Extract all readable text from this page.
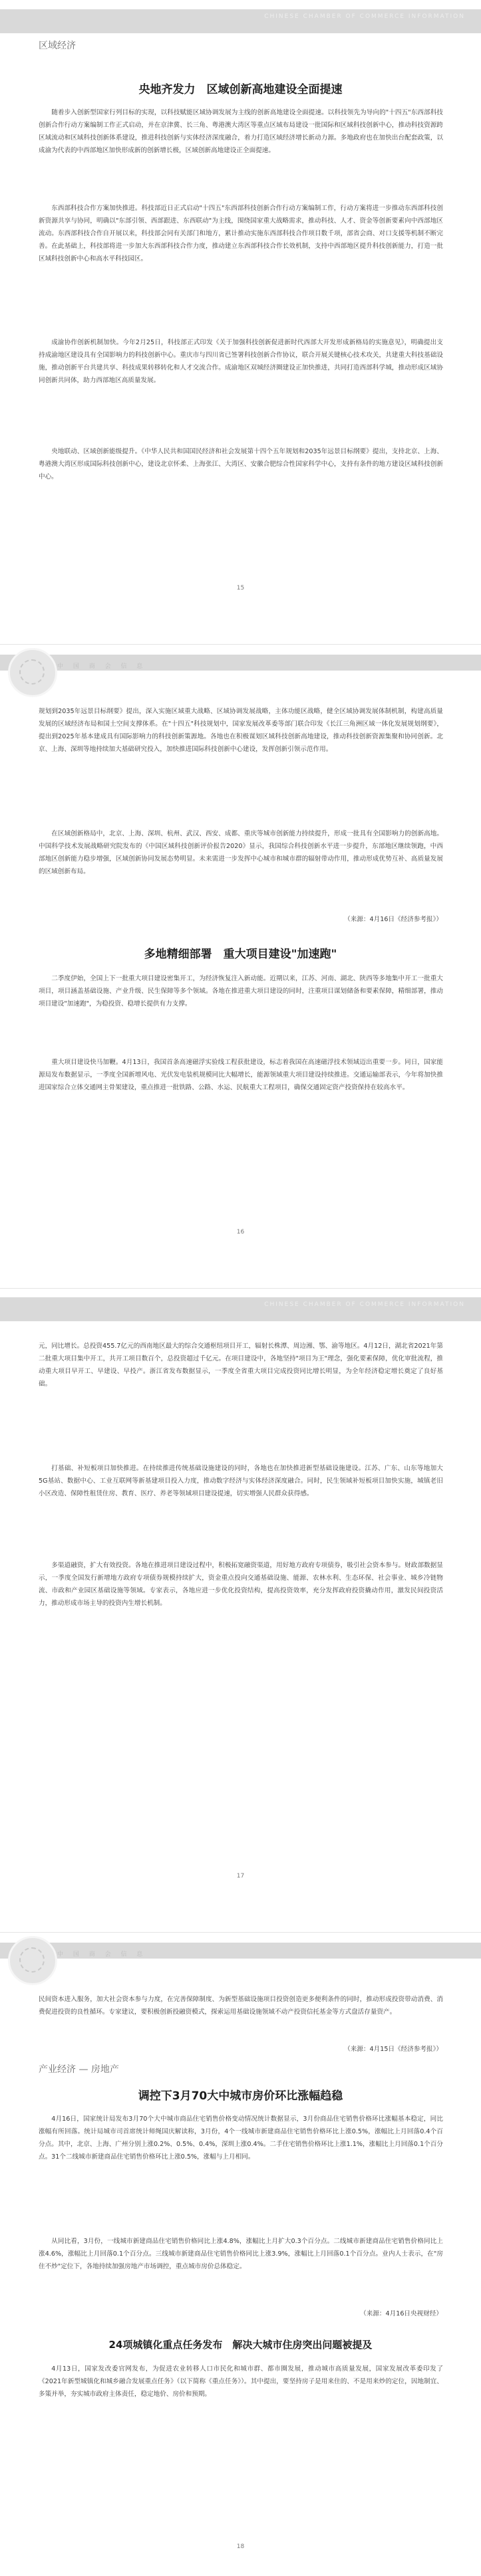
CHINESE CHAMBER OF COMMERCE INFORMATION
区域经济
央地齐发力　区域创新高地建设全面提速

随着步入创新型国家行列目标的实现，以科技赋能区域协调发展为主线的创新高地建设全面提速。以科技领先为导向的"十四五"东西部科技创新合作行动方案编制工作正式启动，并在京津冀、长三角、粤港澳大湾区等重点区域布局建设一批国际和区域科技创新中心，推动科技资源跨区域流动和区域科技创新体系建设，推进科技创新与实体经济深度融合，着力打造区域经济增长新动力源。多地政府也在加快出台配套政策，以成渝为代表的中西部地区加快形成新的创新增长极，区域创新高地建设正全面提速。

东西部科技合作方案加快推进。科技部近日正式启动"十四五"东西部科技创新合作行动方案编制工作，行动方案将进一步推动东西部科技创新资源共享与协同，明确以"东部引领、西部跟进、东西联动"为主线，围绕国家重大战略需求，推动科技、人才、资金等创新要素向中西部地区流动。东西部科技合作自开展以来，科技部会同有关部门和地方，累计推动实施东西部科技合作项目数千项，部省会商、对口支援等机制不断完善。在此基础上，科技部将进一步加大东西部科技合作力度，推动建立东西部科技合作长效机制，支持中西部地区提升科技创新能力，打造一批区域科技创新中心和高水平科技园区。

成渝协作创新机制加快。今年2月25日，科技部正式印发《关于加强科技创新促进新时代西部大开发形成新格局的实施意见》，明确提出支持成渝地区建设具有全国影响力的科技创新中心。重庆市与四川省已签署科技创新合作协议，联合开展关键核心技术攻关，共建重大科技基础设施，推动创新平台共建共享、科技成果转移转化和人才交流合作。成渝地区双城经济圈建设正加快推进，共同打造西部科学城，推动形成区域协同创新共同体，助力西部地区高质量发展。

央地联动、区域创新能级提升。《中华人民共和国国民经济和社会发展第十四个五年规划和2035年远景目标纲要》提出，支持北京、上海、粤港澳大湾区形成国际科技创新中心，建设北京怀柔、上海张江、大湾区、安徽合肥综合性国家科学中心，支持有条件的地方建设区域科技创新中心。

15
中 国 商 会 信 息

规划到2035年远景目标纲要》提出，深入实施区域重大战略、区域协调发展战略，主体功能区战略，健全区域协调发展体制机制，构建高质量发展的区域经济布局和国土空间支撑体系。在"十四五"科技规划中，国家发展改革委等部门联合印发《长江三角洲区域一体化发展规划纲要》，提出到2025年基本建成具有国际影响力的科技创新策源地。各地也在积极谋划区域科技创新高地建设，推动科技创新资源集聚和协同创新。北京、上海、深圳等地持续加大基础研究投入，加快推进国际科技创新中心建设，发挥创新引领示范作用。

在区域创新格局中，北京、上海、深圳、杭州、武汉、西安、成都、重庆等城市创新能力持续提升，形成一批具有全国影响力的创新高地。中国科学技术发展战略研究院发布的《中国区域科技创新评价报告2020》显示，我国综合科技创新水平进一步提升，东部地区继续领跑，中西部地区创新能力稳步增强，区域创新协同发展态势明显。未来需进一步发挥中心城市和城市群的辐射带动作用，推动形成优势互补、高质量发展的区域创新布局。

（来源：4月16日《经济参考报》）
多地精细部署　重大项目建设"加速跑"

二季度伊始，全国上下一批重大项目建设密集开工，为经济恢复注入新动能。近期以来，江苏、河南、湖北、陕西等多地集中开工一批重大项目，项目涵盖基础设施、产业升级、民生保障等多个领域。各地在推进重大项目建设的同时，注重项目谋划储备和要素保障，精细部署，推动项目建设"加速跑"，为稳投资、稳增长提供有力支撑。

重大项目建设快马加鞭。4月13日，我国首条高速磁浮实验线工程获批建设，标志着我国在高速磁浮技术领域迈出重要一步。同日，国家能源局发布数据显示，一季度全国新增风电、光伏发电装机规模同比大幅增长，能源领域重大项目建设持续推进。交通运输部表示，今年将加快推进国家综合立体交通网主骨架建设，重点推进一批铁路、公路、水运、民航重大工程项目，确保交通固定资产投资保持在较高水平。

16
CHINESE CHAMBER OF COMMERCE INFORMATION

元，同比增长。总投资455.7亿元的西南地区最大的综合交通枢纽项目开工，辐射长株潭、周边湘、鄂、渝等地区。4月12日，湖北省2021年第二批重大项目集中开工，共开工项目数百个，总投资超过千亿元。在项目建设中，各地坚持"项目为王"理念，强化要素保障，优化审批流程，推动重大项目早开工、早建设、早投产。浙江省发布数据显示，一季度全省重大项目完成投资同比增长明显，为全年经济稳定增长奠定了良好基础。

打基础、补短板项目加快推进。在持续推进传统基础设施建设的同时，各地也在加快推进新型基础设施建设。江苏、广东、山东等地加大5G基站、数据中心、工业互联网等新基建项目投入力度，推动数字经济与实体经济深度融合。同时，民生领域补短板项目加快实施，城镇老旧小区改造、保障性租赁住房、教育、医疗、养老等领域项目建设提速，切实增强人民群众获得感。

多渠道融资，扩大有效投资。各地在推进项目建设过程中，积极拓宽融资渠道，用好地方政府专项债券，吸引社会资本参与。财政部数据显示，一季度全国发行新增地方政府专项债券规模持续扩大，资金重点投向交通基础设施、能源、农林水利、生态环保、社会事业、城乡冷链物流、市政和产业园区基础设施等领域。专家表示，各地应进一步优化投资结构，提高投资效率，充分发挥政府投资撬动作用，激发民间投资活力，推动形成市场主导的投资内生增长机制。

17
中 国 商 会 信 息

民间资本进入服务，加大社会资本参与力度，在完善保障制度、为新型基础设施项目投资创造更多便利条件的同时，推动形成投资带动消费、消费促进投资的良性循环。专家建议，要积极创新投融资模式，探索运用基础设施领域不动产投资信托基金等方式盘活存量资产。

（来源：4月15日《经济参考报》）
产业经济 — 房地产
调控下3月70大中城市房价环比涨幅趋稳

4月16日，国家统计局发布3月70个大中城市商品住宅销售价格变动情况统计数据显示，3月份商品住宅销售价格环比涨幅基本稳定，同比涨幅有所回落。统计局城市司首席统计师绳国庆解读称，3月份，4个一线城市新建商品住宅销售价格环比上涨0.5%，涨幅比上月回落0.4个百分点。其中，北京、上海、广州分别上涨0.2%、0.5%、0.4%，深圳上涨0.4%。二手住宅销售价格环比上涨1.1%，涨幅比上月回落0.1个百分点。31个二线城市新建商品住宅销售价格环比上涨0.5%，涨幅与上月相同。

从同比看，3月份，一线城市新建商品住宅销售价格同比上涨4.8%，涨幅比上月扩大0.3个百分点。二线城市新建商品住宅销售价格同比上涨4.6%，涨幅比上月回落0.1个百分点。三线城市新建商品住宅销售价格同比上涨3.9%，涨幅比上月回落0.1个百分点。业内人士表示，在"房住不炒"定位下，各地持续加强房地产市场调控，重点城市房价总体稳定。

（来源：4月16日央视财经）
24项城镇化重点任务发布　解决大城市住房突出问题被提及

4月13日，国家发改委官网发布，为促进农业转移人口市民化和城市群、都市圈发展，推动城市高质量发展，国家发展改革委印发了《2021年新型城镇化和城乡融合发展重点任务》（以下简称《重点任务》）。其中提出，要坚持房子是用来住的、不是用来炒的定位，因地制宜、多策并举，夯实城市政府主体责任，稳定地价、房价和预期。

18
